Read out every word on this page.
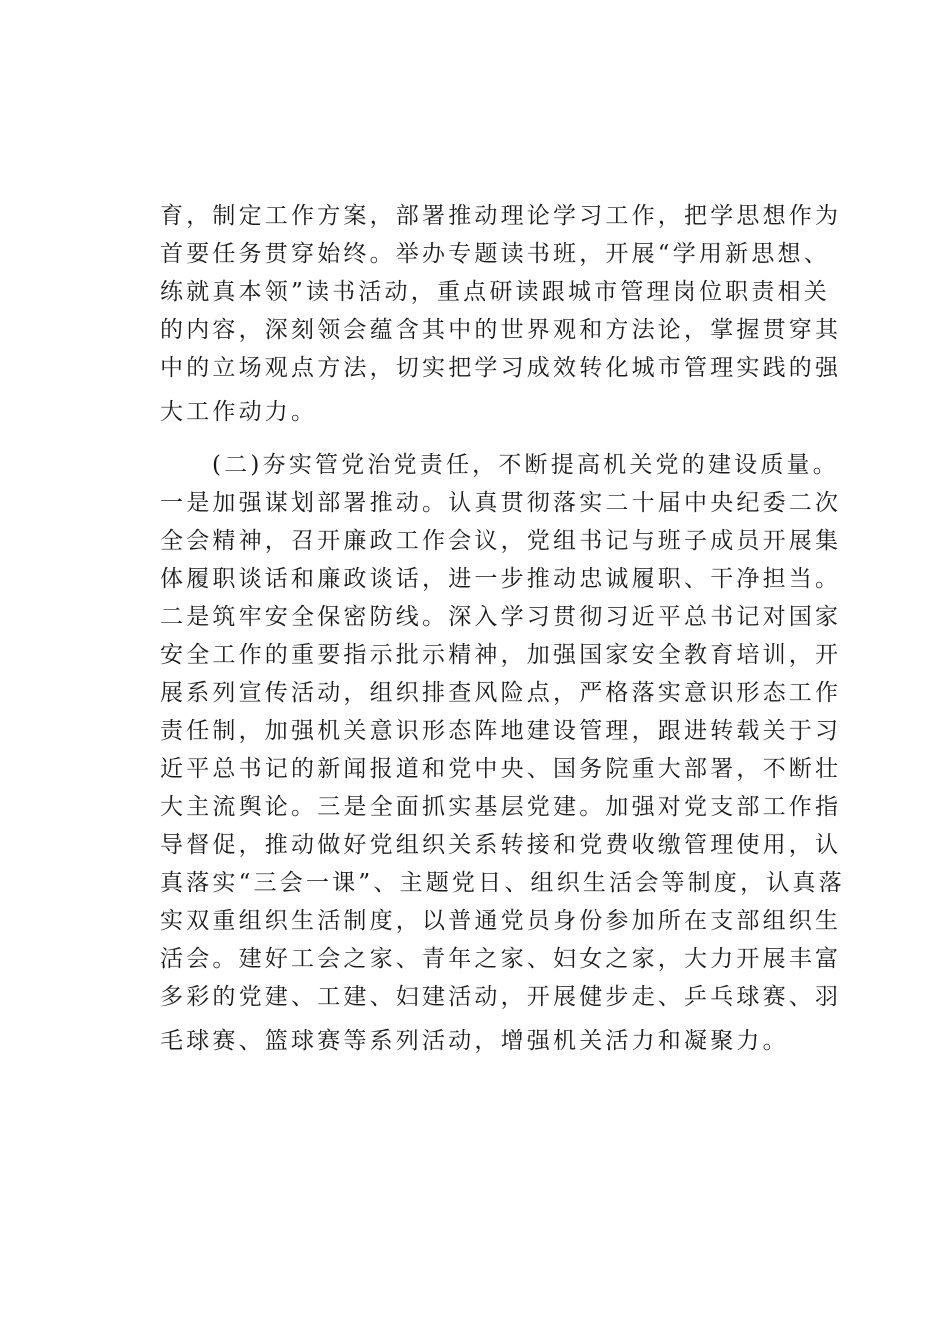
育，制定工作方案，部署推动理论学习工作，把学思想作为
首要任务贯穿始终。举办专题读书班，开展“学用新思想、
练就真本领”读书活动，重点研读跟城市管理岗位职责相关
的内容，深刻领会蕴含其中的世界观和方法论，掌握贯穿其
中的立场观点方法，切实把学习成效转化城市管理实践的强
大工作动力。
(二)夯实管党治党责任，不断提高机关党的建设质量。
一是加强谋划部署推动。认真贯彻落实二十届中央纪委二次
全会精神，召开廉政工作会议，党组书记与班子成员开展集
体履职谈话和廉政谈话，进一步推动忠诚履职、干净担当。
二是筑牢安全保密防线。深入学习贯彻习近平总书记对国家
安全工作的重要指示批示精神，加强国家安全教育培训，开
展系列宣传活动，组织排查风险点，严格落实意识形态工作
责任制，加强机关意识形态阵地建设管理，跟进转载关于习
近平总书记的新闻报道和党中央、国务院重大部署，不断壮
大主流舆论。三是全面抓实基层党建。加强对党支部工作指
导督促，推动做好党组织关系转接和党费收缴管理使用，认
真落实“三会一课”、主题党日、组织生活会等制度，认真落
实双重组织生活制度，以普通党员身份参加所在支部组织生
活会。建好工会之家、青年之家、妇女之家，大力开展丰富
多彩的党建、工建、妇建活动，开展健步走、乒乓球赛、羽
毛球赛、篮球赛等系列活动，增强机关活力和凝聚力。
